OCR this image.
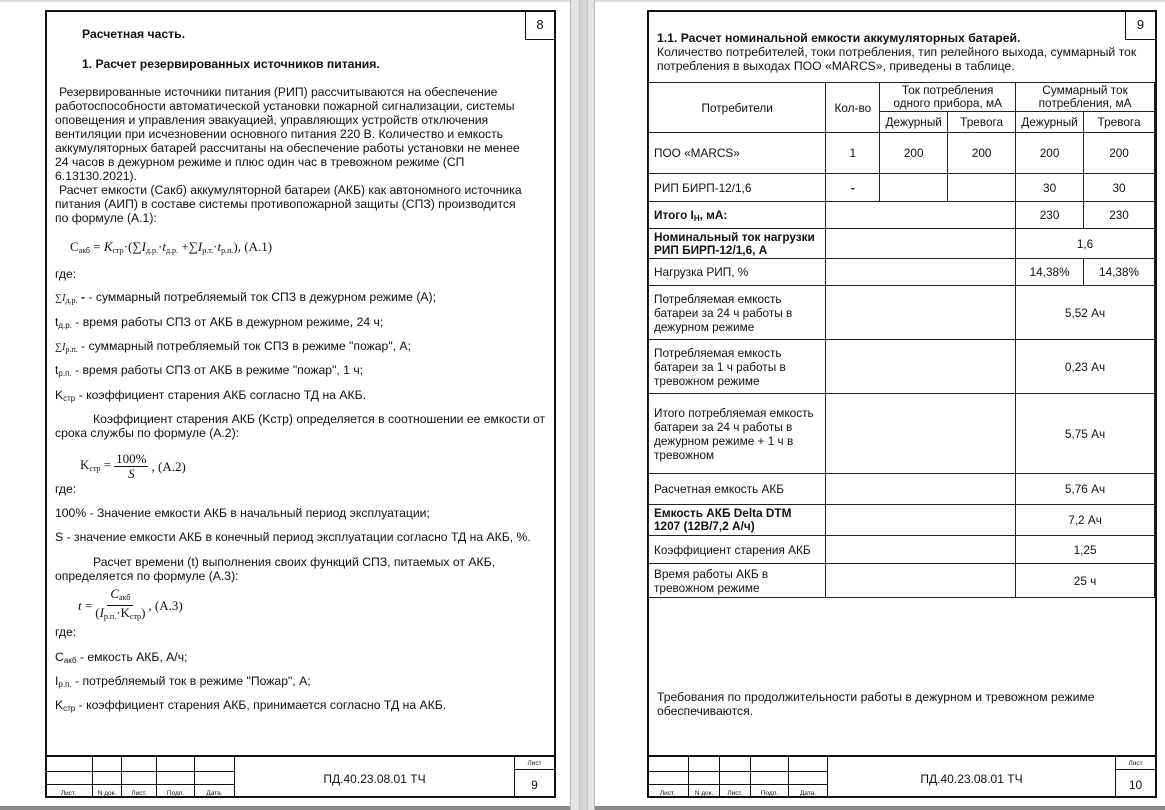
8
Расчетная часть.
1. Расчет резервированных источников питания.
Резервированные источники питания (РИП) рассчитываются на обеспечение
работоспособности автоматической установки пожарной сигнализации, системы
оповещения и управления эвакуацией, управляющих устройств отключения
вентиляции при исчезновении основного питания 220 В. Количество и емкость
аккумуляторных батарей рассчитаны на обеспечение работы установки не менее
24 часов в дежурном режиме и плюс один час в тревожном режиме (СП
6.13130.2021).
Расчет емкости (Сакб) аккумуляторной батареи (АКБ) как автономного источника
питания (АИП) в составе системы противопожарной защиты (СПЗ) производится
по формуле (А.1):
$C_{акб} = K_{стр}\cdot(\sum I_{д.р.}\cdot t_{д.р.} +\sum I_{р.т.}\cdot t_{р.п.})$, (A.1)
где:
$\sum I_{д.р.}$ - - суммарный потребляемый ток СПЗ в дежурном режиме (А);
$t_{д.р.}$ - время работы СПЗ от АКБ в дежурном режиме, 24 ч;
$\sum I_{р.п.}$ - суммарный потребляемый ток СПЗ в режиме "пожар", А;
$t_{р.п.}$ - время работы СПЗ от АКБ в режиме "пожар", 1 ч;
$K_{стр}$ - коэффициент старения АКБ согласно ТД на АКБ.
Коэффициент старения АКБ (Kстр) определяется в соотношении ее емкости от
срока службы по формуле (А.2):
$K_{стр} = \frac{100\%}{S}$ , (А.2)
где:
100% - Значение емкости АКБ в начальный период эксплуатации;
S - значение емкости АКБ в конечный период эксплуатации согласно ТД на АКБ, %.
Расчет времени (t) выполнения своих функций СПЗ, питаемых от АКБ,
определяется по формуле (А.3):
t =
$C_{акб}$
$(I_{р.п.}\cdot K_{стр})$ , (А.3)
где:
$C_{акб}$ - емкость АКБ, А/ч;
$I_{р.п.}$ - потребляемый ток в режиме "Пожар", А;
$K_{стр}$ - коэффициент старения АКБ, принимается согласно ТД на АКБ.
Лист.	N док.	Лист.	Подп.	Дата.
ПД.40.23.08.01 ТЧ
Лист
9
9
1.1. Расчет номинальной емкости аккумуляторных батарей.
Количество потребителей, токи потребления, тип релейного выхода, суммарный ток
потребления в выходах ПОО «MARCS», приведены в таблице.
Потребители	Кол-во	Ток потребления одного прибора, мА		Суммарный ток потребления, мА	
		Дежурный	Тревога	Дежурный	Тревога
ПОО «MARCS»	1	200	200	200	200
РИП БИРП-12/1,6	-			30	30
Итого $I_Н$, мА:				230	230
Номинальный ток нагрузки РИП БИРП-12/1,6, А				1,6	
Нагрузка РИП, %				14,38%	14,38%
Потребляемая емкость батареи за 24 ч работы в дежурном режиме				5,52 Ач	
Потребляемая емкость батареи за 1 ч работы в тревожном режиме				0,23 Ач	
Итого потребляемая емкость батареи за 24 ч работы в дежурном режиме + 1 ч в тревожном				5,75 Ач	
Расчетная емкость АКБ				5,76 Ач	
Емкость АКБ Delta DTM 1207 (12В/7,2 А/ч)				7,2 Ач	
Коэффициент старения АКБ				1,25	
Время работы АКБ в тревожном режиме				25 ч	
Требования по продолжительности работы в дежурном и тревожном режиме
обеспечиваются.
Лист.	N док.	Лист.	Подп.	Дата.
ПД.40.23.08.01 ТЧ
Лист
10
